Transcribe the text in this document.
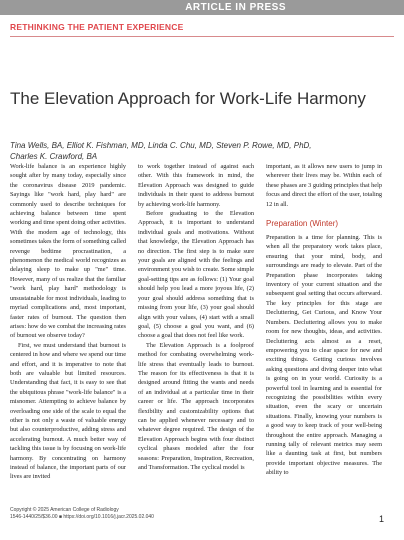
ARTICLE IN PRESS
RETHINKING THE PATIENT EXPERIENCE
The Elevation Approach for Work-Life Harmony
Tina Wells, BA, Elliot K. Fishman, MD, Linda C. Chu, MD, Steven P. Rowe, MD, PhD,
Charles K. Crawford, BA

Work-life balance is an experience highly sought after by many today, especially since the coronavirus disease 2019 pandemic. Sayings like "work hard, play hard" are commonly used to describe techniques for achieving balance between time spent working and time spent doing other activities. With the modern age of technology, this sometimes takes the form of something called revenge bedtime procrastination, a phenomenon the medical world recognizes as delaying sleep to make up "me" time. However, many of us realize that the familiar "work hard, play hard" methodology is unsustainable for most individuals, leading to myriad complications and, most important, faster rates of burnout. The question then arises: how do we combat the increasing rates of burnout we observe today?

First, we must understand that burnout is centered in how and where we spend our time and effort, and it is imperative to note that both are valuable but limited resources. Understanding that fact, it is easy to see that the ubiquitous phrase "work-life balance" is a misnomer. Attempting to achieve balance by overloading one side of the scale to equal the other is not only a waste of valuable energy but also counterproductive, adding stress and accelerating burnout. A much better way of tackling this issue is by focusing on work-life harmony. By concentrating on harmony instead of balance, the important parts of our lives are invited

to work together instead of against each other. With this framework in mind, the Elevation Approach was designed to guide individuals in their quest to address burnout by achieving work-life harmony.

Before graduating to the Elevation Approach, it is important to understand individual goals and motivations. Without that knowledge, the Elevation Approach has no direction. The first step is to make sure your goals are aligned with the feelings and environment you wish to create. Some simple goal-setting tips are as follows: (1) Your goal should help you lead a more joyous life, (2) your goal should address something that is missing from your life, (3) your goal should align with your values, (4) start with a small goal, (5) choose a goal you want, and (6) choose a goal that does not feel like work.

The Elevation Approach is a foolproof method for combating overwhelming work-life stress that eventually leads to burnout. The reason for its effectiveness is that it is designed around fitting the wants and needs of an individual at a particular time in their career or life. The approach incorporates flexibility and customizability options that can be applied whenever necessary and to whatever degree required. The design of the Elevation Approach begins with four distinct cyclical phases modeled after the four seasons: Preparation, Inspiration, Recreation, and Transformation. The cyclical model is

important, as it allows new users to jump in wherever their lives may be. Within each of these phases are 3 guiding principles that help focus and direct the effort of the user, totaling 12 in all.

Preparation (Winter)

Preparation is a time for planning. This is when all the preparatory work takes place, ensuring that your mind, body, and surroundings are ready to elevate. Part of the Preparation phase incorporates taking inventory of your current situation and the subsequent goal setting that occurs afterward. The key principles for this stage are Decluttering, Get Curious, and Know Your Numbers. Decluttering allows you to make room for new thoughts, ideas, and activities. Decluttering acts almost as a reset, empowering you to clear space for new and exciting things. Getting curious involves asking questions and diving deeper into what is going on in your world. Curiosity is a powerful tool in learning and is essential for recognizing the possibilities within every situation, even the scary or uncertain situations. Finally, knowing your numbers is a good way to keep track of your well-being throughout the entire approach. Managing a running tally of relevant metrics may seem like a daunting task at first, but numbers provide important objective measures. The ability to

Copyright © 2025 American College of Radiology
1546-1440/25/$36.00 ■ https://doi.org/10.1016/j.jacr.2025.02.040	1
